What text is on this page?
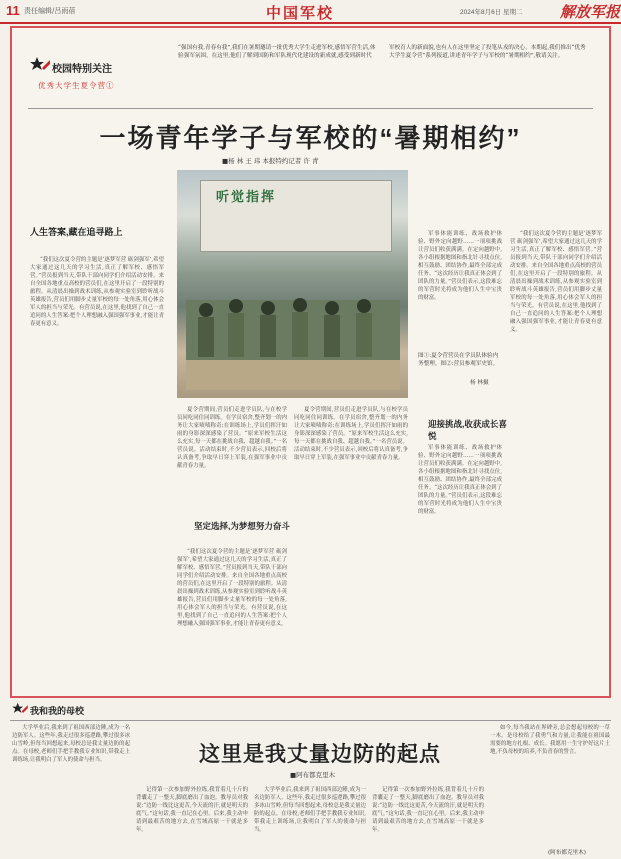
11 责任编辑/吕雨蓓	中国军校	2024年8月6日 星期二	解放军报
校园特别关注
优秀大学生夏令营①
“强国有我,青春有我”,我们在暑期邀请一批优秀大学生走进军校,感悟军营生活,体验强军氛围。在这里,他们了解到国防和军队现代化建设的新成就,感受到新时代军校育人的新面貌,也有人在这里坚定了投笔从戎的决心。本期起,我们推出“优秀大学生夏令营”系列报道,讲述青年学子与军校的“暑期相约”,敬请关注。
一场青年学子与军校的“暑期相约”
■杨 林 王 玮 本报特约记者 许 青
人生答案,藏在追寻路上
“我们这次夏令营的主题是‘逐梦军营 砺剑强军’,希望大家通过这几天的学习生活,真正了解军校、感悟军营。”营员报到当天,带队干部向同学们介绍活动安排。来自全国各地重点高校的营员们,在这里开启了一段特别的旅程。从清晨出操到战术训练,从参观实验室到聆听战斗英雄报告,营员们用脚步丈量军校的每一处角落,用心体会军人的担当与荣光。有营员说,在这里,他找到了自己一直追问的人生答案:把个人理想融入强国强军事业,才能让青春更有意义。
听觉指挥
图①:夏令营营员在学员队体验内务整理。图②:营员参观军史馆。
杨 林摄
夏令营期间,营员们走进学员队,与在校学员同吃同住同训练。在学员宿舍,整齐划一的内务让大家啧啧称奇;在训练场上,学员们挥汗如雨的身影深深感染了营员。“原来军校生活这么充实,每一天都在挑战自我、超越自我。”一名营员说。活动结束时,不少营员表示,回校后将认真备考,争取早日穿上军装,在强军事业中贡献青春力量。
坚定选择,为梦想努力奋斗
“我们这次夏令营的主题是‘逐梦军营 砺剑强军’,希望大家通过这几天的学习生活,真正了解军校、感悟军营。”营员报到当天,带队干部向同学们介绍活动安排。来自全国各地重点高校的营员们,在这里开启了一段特别的旅程。从清晨出操到战术训练,从参观实验室到聆听战斗英雄报告,营员们用脚步丈量军校的每一处角落,用心体会军人的担当与荣光。有营员说,在这里,他找到了自己一直追问的人生答案:把个人理想融入强国强军事业,才能让青春更有意义。
夏令营期间,营员们走进学员队,与在校学员同吃同住同训练。在学员宿舍,整齐划一的内务让大家啧啧称奇;在训练场上,学员们挥汗如雨的身影深深感染了营员。“原来军校生活这么充实,每一天都在挑战自我、超越自我。”一名营员说。活动结束时,不少营员表示,回校后将认真备考,争取早日穿上军装,在强军事业中贡献青春力量。
迎接挑战,收获成长喜悦
军事体能训练、战场救护体验、野外定向越野……一项项挑战让营员们收获满满。在定向越野中,各小组根据地图和指北针寻找点位,相互鼓励、团结协作,最终全部完成任务。“这次经历让我真正体会到了团队的力量。”营员们表示,这段难忘的军营时光将成为他们人生中宝贵的财富。
“我们这次夏令营的主题是‘逐梦军营 砺剑强军’,希望大家通过这几天的学习生活,真正了解军校、感悟军营。”营员报到当天,带队干部向同学们介绍活动安排。来自全国各地重点高校的营员们,在这里开启了一段特别的旅程。从清晨出操到战术训练,从参观实验室到聆听战斗英雄报告,营员们用脚步丈量军校的每一处角落,用心体会军人的担当与荣光。有营员说,在这里,他找到了自己一直追问的人生答案:把个人理想融入强国强军事业,才能让青春更有意义。
军事体能训练、战场救护体验、野外定向越野……一项项挑战让营员们收获满满。在定向越野中,各小组根据地图和指北针寻找点位,相互鼓励、团结协作,最终全部完成任务。“这次经历让我真正体会到了团队的力量。”营员们表示,这段难忘的军营时光将成为他们人生中宝贵的财富。
我和我的母校
这里是我丈量边防的起点
■阿布都克里木
大学毕业后,我来到了祖国西部边陲,成为一名边防军人。这些年,我走过很多巡逻路,攀过很多冰山雪岭,但每当回想起来,母校总是我丈量边防的起点。在母校,老师们手把手教我专业知识,带我走上训练场,让我明白了军人的使命与担当。
记得第一次参加野外拉练,我背着几十斤的背囊走了一整天,脚底磨出了血泡。教导员对我说:“边防一线比这更苦,今天流的汗,就是明天的底气。”这句话,我一直记在心里。后来,我主动申请到最艰苦的地方去,在雪域高原一干就是多年。
大学毕业后,我来到了祖国西部边陲,成为一名边防军人。这些年,我走过很多巡逻路,攀过很多冰山雪岭,但每当回想起来,母校总是我丈量边防的起点。在母校,老师们手把手教我专业知识,带我走上训练场,让我明白了军人的使命与担当。
记得第一次参加野外拉练,我背着几十斤的背囊走了一整天,脚底磨出了血泡。教导员对我说:“边防一线比这更苦,今天流的汗,就是明天的底气。”这句话,我一直记在心里。后来,我主动申请到最艰苦的地方去,在雪域高原一干就是多年。
如今,每当我站在界碑旁,总会想起母校的一草一木。是母校给了我勇气和力量,让我能在祖国最需要的地方扎根、成长。我愿用一生守护好这片土地,不负母校的培养,不负青春的誓言。
(阿布都克里木)
